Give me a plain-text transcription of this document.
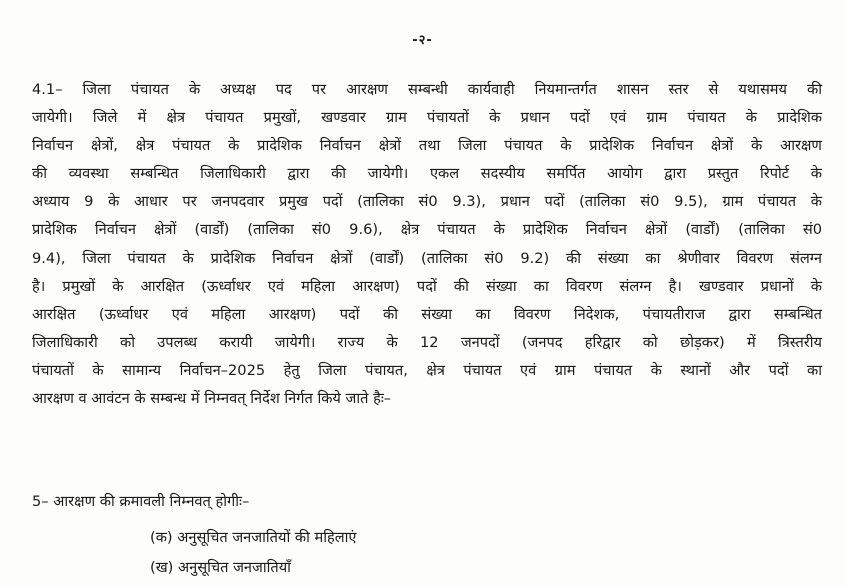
-२-

4.1– जिला पंचायत के अध्यक्ष पद पर आरक्षण सम्बन्धी कार्यवाही नियमान्तर्गत शासन स्तर से यथासमय की
जायेगी। जिले में क्षेत्र पंचायत प्रमुखों, खण्डवार ग्राम पंचायतों के प्रधान पदों एवं ग्राम पंचायत के प्रादेशिक
निर्वाचन क्षेत्रों, क्षेत्र पंचायत के प्रादेशिक निर्वाचन क्षेत्रों तथा जिला पंचायत के प्रादेशिक निर्वाचन क्षेत्रों के आरक्षण
की व्यवस्था सम्बन्धित जिलाधिकारी द्वारा की जायेगी। एकल सदस्यीय समर्पित आयोग द्वारा प्रस्तुत रिपोर्ट के
अध्याय 9 के आधार पर जनपदवार प्रमुख पदों (तालिका सं0 9.3), प्रधान पदों (तालिका सं0 9.5), ग्राम पंचायत के
प्रादेशिक निर्वाचन क्षेत्रों (वार्डों) (तालिका सं0 9.6), क्षेत्र पंचायत के प्रादेशिक निर्वाचन क्षेत्रों (वार्डों) (तालिका सं0
9.4), जिला पंचायत के प्रादेशिक निर्वाचन क्षेत्रों (वार्डों) (तालिका सं0 9.2) की संख्या का श्रेणीवार विवरण संलग्न
है। प्रमुखों के आरक्षित (ऊर्ध्वाधर एवं महिला आरक्षण) पदों की संख्या का विवरण संलग्न है। खण्डवार प्रधानों के
आरक्षित (ऊर्ध्वाधर एवं महिला आरक्षण) पदों की संख्या का विवरण निदेशक, पंचायतीराज द्वारा सम्बन्धित
जिलाधिकारी को उपलब्ध करायी जायेगी। राज्य के 12 जनपदों (जनपद हरिद्वार को छोड़कर) में त्रिस्तरीय
पंचायतों के सामान्य निर्वाचन–2025 हेतु जिला पंचायत, क्षेत्र पंचायत एवं ग्राम पंचायत के स्थानों और पदों का
आरक्षण व आवंटन के सम्बन्ध में निम्नवत् निर्देश निर्गत किये जाते हैः–

5– आरक्षण की क्रमावली निम्नवत् होगीः–
(क) अनुसूचित जनजातियों की महिलाएं
(ख) अनुसूचित जनजातियाँ
